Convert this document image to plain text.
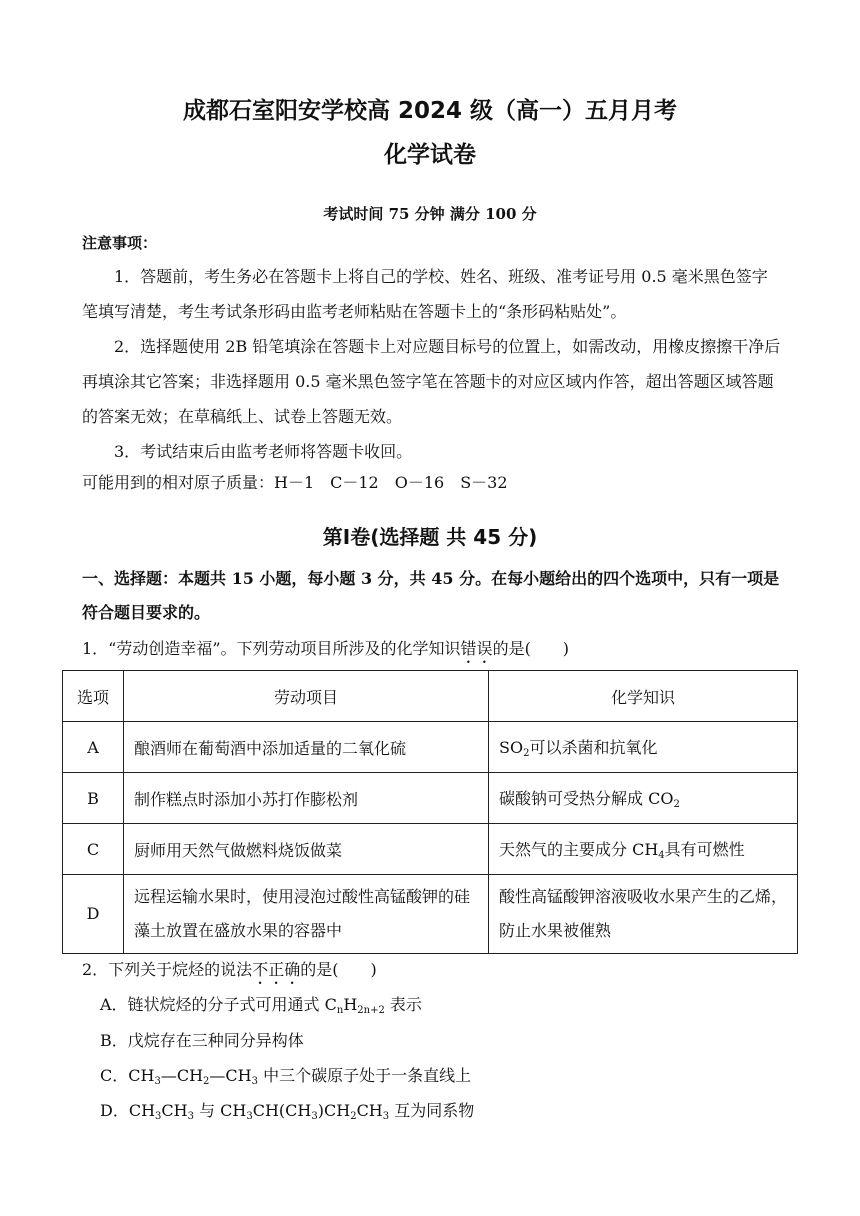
成都石室阳安学校高 2024 级（高一）五月月考
化学试卷
考试时间 75 分钟 满分 100 分
注意事项：
1．答题前，考生务必在答题卡上将自己的学校、姓名、班级、准考证号用 0.5 毫米黑色签字笔填写清楚，考生考试条形码由监考老师粘贴在答题卡上的“条形码粘贴处”。
2．选择题使用 2B 铅笔填涂在答题卡上对应题目标号的位置上，如需改动，用橡皮擦擦干净后再填涂其它答案；非选择题用 0.5 毫米黑色签字笔在答题卡的对应区域内作答，超出答题区域答题的答案无效；在草稿纸上、试卷上答题无效。
3．考试结束后由监考老师将答题卡收回。
可能用到的相对原子质量：H－1　C－12　O－16　S－32
第Ⅰ卷(选择题 共 45 分)
一、选择题：本题共 15 小题，每小题 3 分，共 45 分。在每小题给出的四个选项中，只有一项是符合题目要求的。
1．“劳动创造幸福”。下列劳动项目所涉及的化学知识错误的是(　　)
选项	劳动项目	化学知识
A	酿酒师在葡萄酒中添加适量的二氧化硫	$SO_2$可以杀菌和抗氧化
B	制作糕点时添加小苏打作膨松剂	碳酸钠可受热分解成 $CO_2$
C	厨师用天然气做燃料烧饭做菜	天然气的主要成分 $CH_4$具有可燃性
D	远程运输水果时，使用浸泡过酸性高锰酸钾的硅藻土放置在盛放水果的容器中	酸性高锰酸钾溶液吸收水果产生的乙烯，防止水果被催熟
2．下列关于烷烃的说法不正确的是(　　)
A．链状烷烃的分子式可用通式 $C_nH_{2n+2}$ 表示
B．戊烷存在三种同分异构体
C．$CH_3—CH_2—CH_3$ 中三个碳原子处于一条直线上
D．$CH_3CH_3$ 与 $CH_3CH(CH_3)CH_2CH_3$ 互为同系物
